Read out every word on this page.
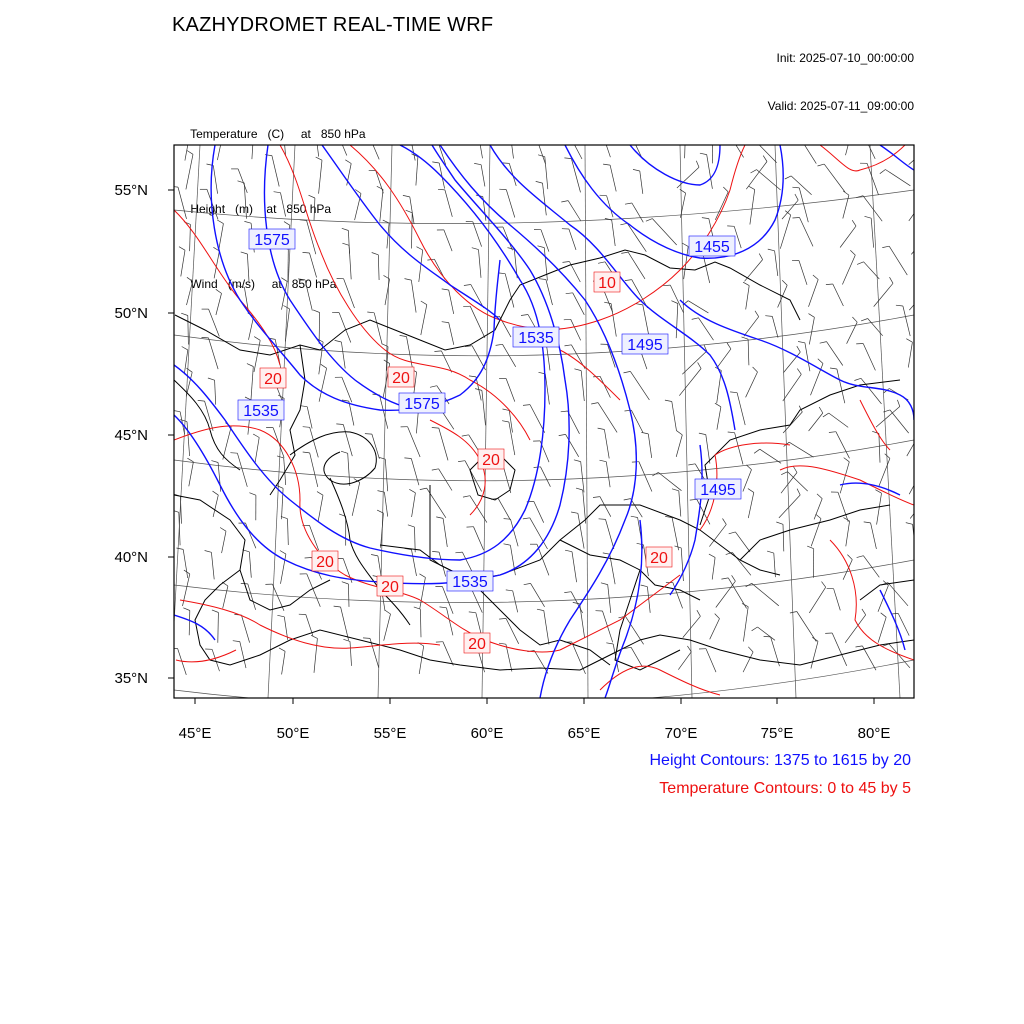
KAZHYDROMET REAL-TIME WRF

Init: 2025-07-10_00:00:00

Valid: 2025-07-11_09:00:00

Temperature (C) at   850 hPa

Height (m) at   850 hPa

Wind (m/s) at   850 hPa

1575
1535	1575
1535
1535
1495
1455
1495
10
20	20
20
20
20
20
20
55°N
50°N
45°N
40°N
35°N
45°E	50°E	55°E	60°E	65°E	70°E	75°E	80°E
Height Contours: 1375 to 1615 by 20
Temperature Contours: 0 to 45 by 5
